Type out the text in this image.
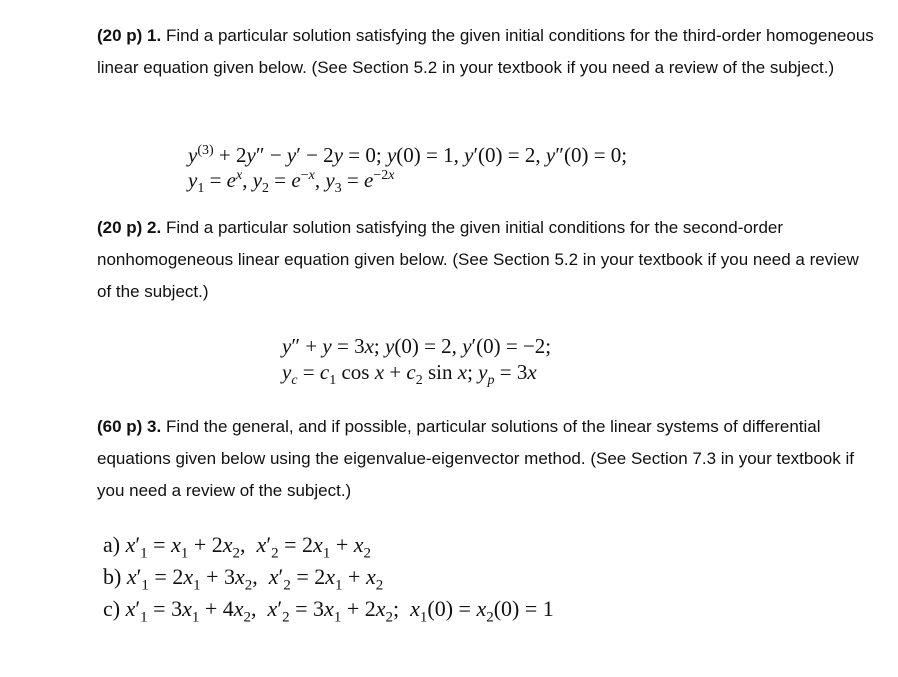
(20 p) 1. Find a particular solution satisfying the given initial conditions for the third-order homogeneous linear equation given below. (See Section 5.2 in your textbook if you need a review of the subject.)

$y^{(3)} + 2y'' - y' - 2y = 0$; y(0) = 1, y′(0) = 2, y″(0) = 0;
$y_1 = e^x$, $y_2 = e^{-x}$, $y_3 = e^{-2x}$

(20 p) 2. Find a particular solution satisfying the given initial conditions for the second-order nonhomogeneous linear equation given below. (See Section 5.2 in your textbook if you need a review of the subject.)

y″ + y = 3x; y(0) = 2, y′(0) = −2;
$y_c = c_1$ $\cos x + c_2$ sin x; $y_p = 3x$

(60 p) 3. Find the general, and if possible, particular solutions of the linear systems of differential equations given below using the eigenvalue-eigenvector method. (See Section 7.3 in your textbook if you need a review of the subject.)

a) $x'_1 = x_1 + 2x_2$,  $x'_2 = 2x_1 + x_2$
b) $x'_1 = 2x_1 + 3x_2$,  $x'_2 = 2x_1 + x_2$
c) $x'_1 = 3x_1 + 4x_2$,  $x'_2 = 3x_1 + 2x_2$;  $x_1(0) = x_2(0) = 1$
